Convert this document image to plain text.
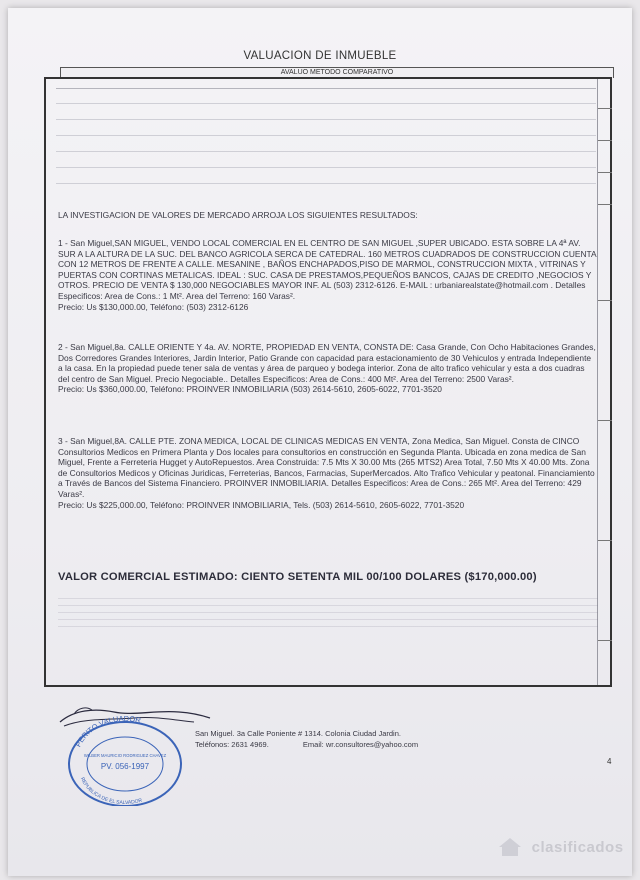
VALUACION DE INMUEBLE
AVALUO METODO COMPARATIVO
LA INVESTIGACION DE VALORES DE MERCADO ARROJA LOS SIGUIENTES RESULTADOS:

1 - San Miguel,SAN MIGUEL, VENDO LOCAL COMERCIAL EN EL CENTRO DE SAN MIGUEL ,SUPER UBICADO. ESTA SOBRE LA 4ª AV. SUR A LA ALTURA DE LA SUC. DEL BANCO AGRICOLA SERCA DE CATEDRAL. 160 METROS CUADRADOS DE CONSTRUCCION CUENTA CON 12 METROS DE FRENTE A CALLE. MESANINE , BAÑOS ENCHAPADOS,PISO DE MARMOL, CONSTRUCCION MIXTA , VITRINAS Y PUERTAS CON CORTINAS METALICAS. IDEAL : SUC. CASA DE PRESTAMOS,PEQUEÑOS BANCOS, CAJAS DE CREDITO ,NEGOCIOS Y OTROS. PRECIO DE VENTA $ 130,000 NEGOCIABLES MAYOR INF. AL (503) 2312-6126. E-MAIL : urbaniarealstate@hotmail.com . Detalles Especificos: Area de Cons.: 1 Mt². Area del Terreno: 160 Varas².

Precio: Us $130,000.00, Teléfono: (503) 2312-6126

2 - San Miguel,8a. CALLE ORIENTE Y 4a. AV. NORTE, PROPIEDAD EN VENTA, CONSTA DE: Casa Grande, Con Ocho Habitaciones Grandes, Dos Corredores Grandes Interiores, Jardin Interior, Patio Grande con capacidad para estacionamiento de 30 Vehiculos y entrada Independiente a la casa. En la propiedad puede tener sala de ventas y área de parqueo y bodega interior. Zona de alto trafico vehicular y esta a dos cuadras del centro de San Miguel. Precio Negociable.. Detalles Especificos: Area de Cons.: 400 Mt². Area del Terreno: 2500 Varas².

Precio: Us $360,000.00, Teléfono: PROINVER INMOBILIARIA (503) 2614-5610, 2605-6022, 7701-3520

3 - San Miguel,8A. CALLE PTE. ZONA MEDICA, LOCAL DE CLINICAS MEDICAS EN VENTA, Zona Medica, San Miguel. Consta de CINCO Consultorios Medicos en Primera Planta y Dos locales para consultorios en construcción en Segunda Planta. Ubicada en zona medica de San Miguel, Frente a Ferreteria Hugget y AutoRepuestos. Area Construida: 7.5 Mts X 30.00 Mts (265 MTS2) Area Total, 7.50 Mts X 40.00 Mts. Zona de Consultorios Medicos y Oficinas Juridicas, Ferreterias, Bancos, Farmacias, SuperMercados. Alto Trafico Vehicular y peatonal. Financiamiento a Través de Bancos del Sistema Financiero. PROINVER INMOBILIARIA. Detalles Especificos: Area de Cons.: 265 Mt². Area del Terreno: 429 Varas².

Precio: Us $225,000.00, Teléfono: PROINVER INMOBILIARIA, Tels. (503) 2614-5610, 2605-6022, 7701-3520

VALOR COMERCIAL ESTIMADO: CIENTO SETENTA MIL 00/100 DOLARES ($170,000.00)
PERITO VALUADOR
REPUBLICA DE EL SALVADOR
WILBER MAURICIO RODRIGUEZ CHAVEZ
PV. 056-1997
San Miguel. 3a Calle Poniente # 1314. Colonia Ciudad Jardin.
Teléfonos: 2631 4969.	Email: wr.consultores@yahoo.com
4
clasificados
